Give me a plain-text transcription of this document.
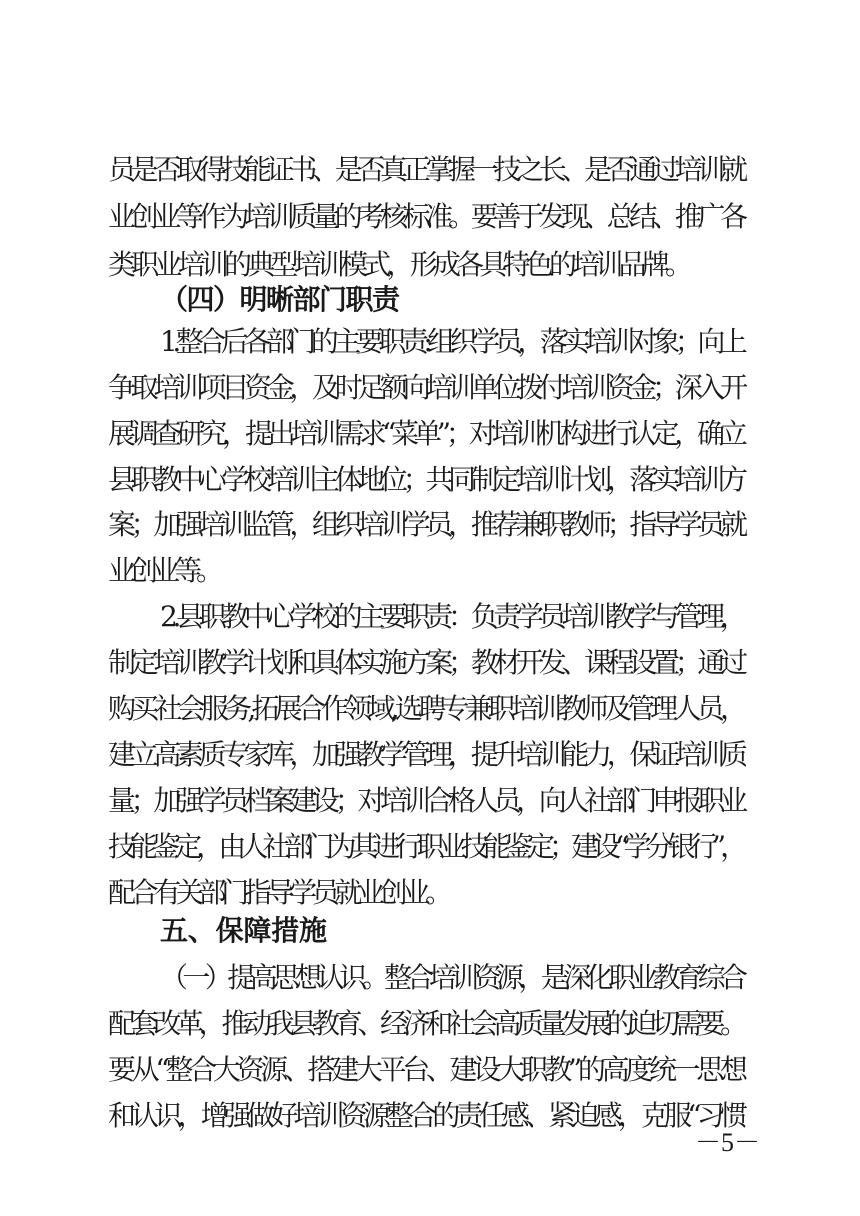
员是否取得技能证书、是否真正掌握一技之长、是否通过培训就

业创业等作为培训质量的考核标准。要善于发现、总结、推广各

类职业培训的典型培训模式，形成各具特色的培训品牌。

（四）明晰部门职责

1.整合后各部门的主要职责:组织学员，落实培训对象；向上

争取培训项目资金，及时足额向培训单位拨付培训资金；深入开

展调查研究，提出培训需求“菜单”；对培训机构进行认定，确立

县职教中心学校培训主体地位；共同制定培训计划，落实培训方

案；加强培训监管，组织培训学员，推荐兼职教师；指导学员就

业创业等。

2.县职教中心学校的主要职责：负责学员培训教学与管理，

制定培训教学计划和具体实施方案；教材开发、课程设置；通过

购买社会服务,拓展合作领域,选聘专兼职培训教师及管理人员，

建立高素质专家库，加强教学管理，提升培训能力，保证培训质

量；加强学员档案建设；对培训合格人员，向人社部门申报职业

技能鉴定，由人社部门为其进行职业技能鉴定；建设“学分银行”，

配合有关部门指导学员就业创业。

五、保障措施

（一）提高思想认识。整合培训资源，是深化职业教育综合

配套改革，推动我县教育、经济和社会高质量发展的迫切需要。

要从“整合大资源、搭建大平台、建设大职教”的高度统一思想

和认识，增强做好培训资源整合的责任感、紧迫感，克服“习惯

－5－
